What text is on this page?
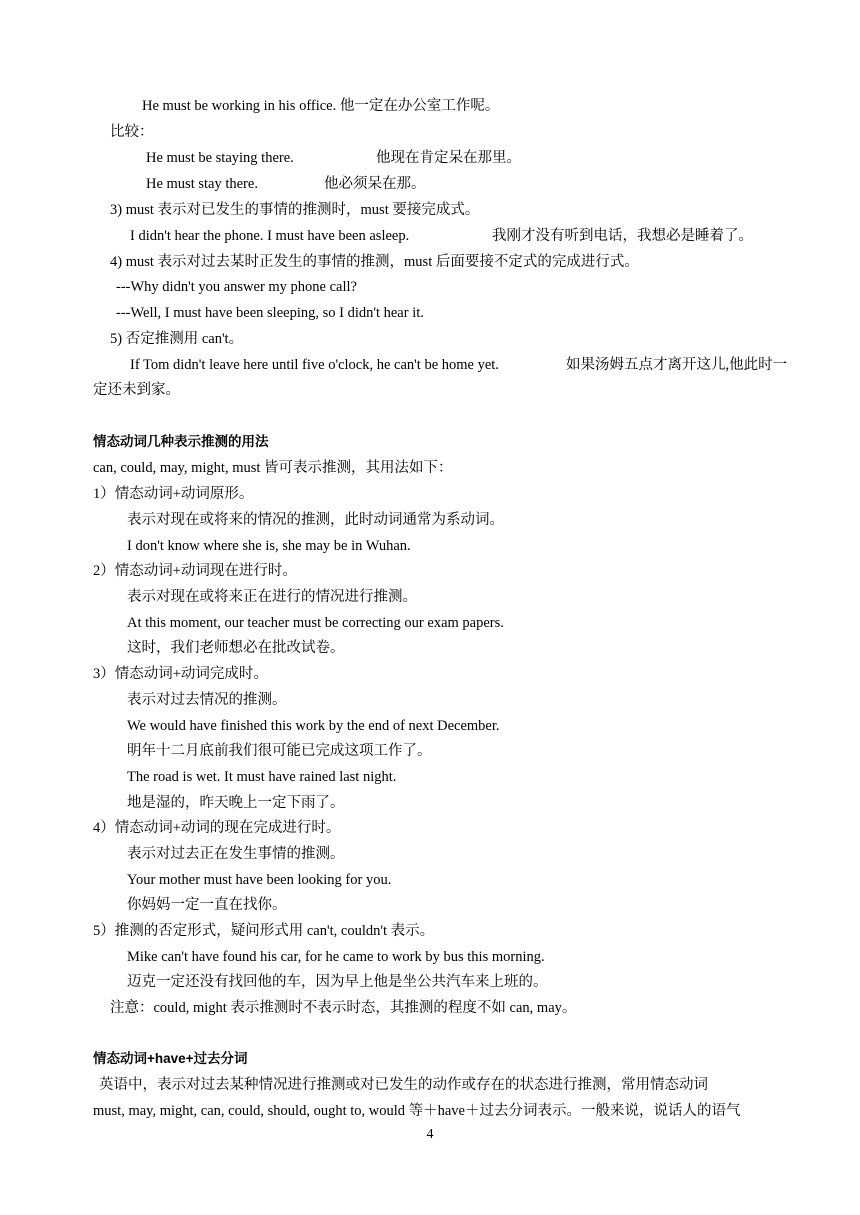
He must be working in his office. 他一定在办公室工作呢。
比较：
He must be staying there.	他现在肯定呆在那里。
He must stay there.	他必须呆在那。
3) must 表示对已发生的事情的推测时，must 要接完成式。
I didn't hear the phone. I must have been asleep.	我刚才没有听到电话，我想必是睡着了。
4) must 表示对过去某时正发生的事情的推测，must 后面要接不定式的完成进行式。
---Why didn't you answer my phone call?
---Well, I must have been sleeping, so I didn't hear it.
5) 否定推测用 can't。
If Tom didn't leave here until five o'clock, he can't be home yet.	如果汤姆五点才离开这儿,他此时一
定还未到家。
情态动词几种表示推测的用法
can, could, may, might, must 皆可表示推测，其用法如下：
1）情态动词+动词原形。
表示对现在或将来的情况的推测，此时动词通常为系动词。
I don't know where she is, she may be in Wuhan.
2）情态动词+动词现在进行时。
表示对现在或将来正在进行的情况进行推测。
At this moment, our teacher must be correcting our exam papers.
这时，我们老师想必在批改试卷。
3）情态动词+动词完成时。
表示对过去情况的推测。
We would have finished this work by the end of next December.
明年十二月底前我们很可能已完成这项工作了。
The road is wet. It must have rained last night.
地是湿的，昨天晚上一定下雨了。
4）情态动词+动词的现在完成进行时。
表示对过去正在发生事情的推测。
Your mother must have been looking for you.
你妈妈一定一直在找你。
5）推测的否定形式，疑问形式用 can't, couldn't 表示。
Mike can't have found his car, for he came to work by bus this morning.
迈克一定还没有找回他的车，因为早上他是坐公共汽车来上班的。
注意：could, might 表示推测时不表示时态，其推测的程度不如 can, may。
情态动词+have+过去分词
英语中，表示对过去某种情况进行推测或对已发生的动作或存在的状态进行推测，常用情态动词
must, may, might, can, could, should, ought to, would 等＋have＋过去分词表示。一般来说，说话人的语气
4
